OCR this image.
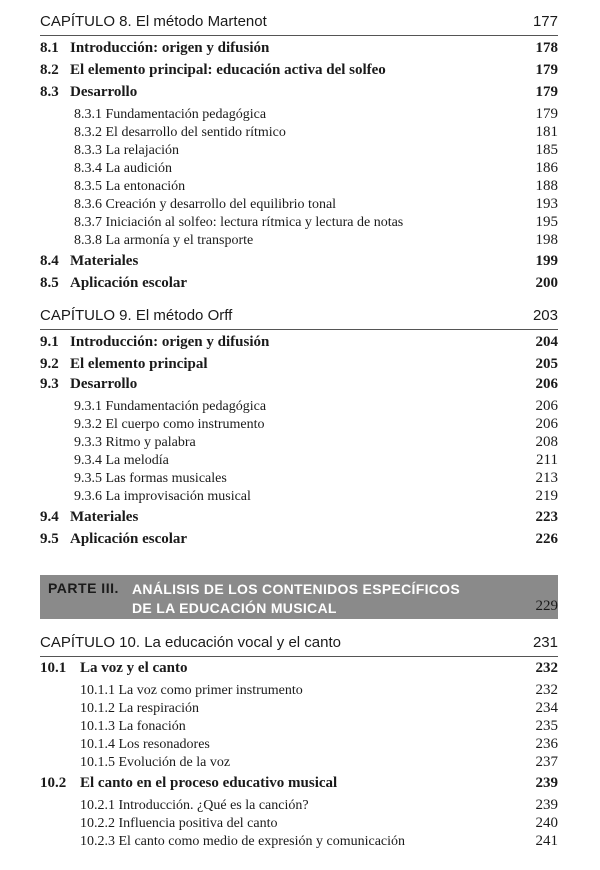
CAPÍTULO 8. El método Martenot	177
8.1 Introducción: origen y difusión	178
8.2 El elemento principal: educación activa del solfeo	179
8.3 Desarrollo	179
8.3.1 Fundamentación pedagógica	179
8.3.2 El desarrollo del sentido rítmico	181
8.3.3 La relajación	185
8.3.4 La audición	186
8.3.5 La entonación	188
8.3.6 Creación y desarrollo del equilibrio tonal	193
8.3.7 Iniciación al solfeo: lectura rítmica y lectura de notas	195
8.3.8 La armonía y el transporte	198
8.4 Materiales	199
8.5 Aplicación escolar	200
CAPÍTULO 9. El método Orff	203
9.1 Introducción: origen y difusión	204
9.2 El elemento principal	205
9.3 Desarrollo	206
9.3.1 Fundamentación pedagógica	206
9.3.2 El cuerpo como instrumento	206
9.3.3 Ritmo y palabra	208
9.3.4 La melodía	211
9.3.5 Las formas musicales	213
9.3.6 La improvisación musical	219
9.4 Materiales	223
9.5 Aplicación escolar	226
PARTE III. ANÁLISIS DE LOS CONTENIDOS ESPECÍFICOS
DE LA EDUCACIÓN MUSICAL	229
CAPÍTULO 10. La educación vocal y el canto	231
10.1 La voz y el canto	232
10.1.1 La voz como primer instrumento	232
10.1.2 La respiración	234
10.1.3 La fonación	235
10.1.4 Los resonadores	236
10.1.5 Evolución de la voz	237
10.2 El canto en el proceso educativo musical	239
10.2.1 Introducción. ¿Qué es la canción?	239
10.2.2 Influencia positiva del canto	240
10.2.3 El canto como medio de expresión y comunicación	241
